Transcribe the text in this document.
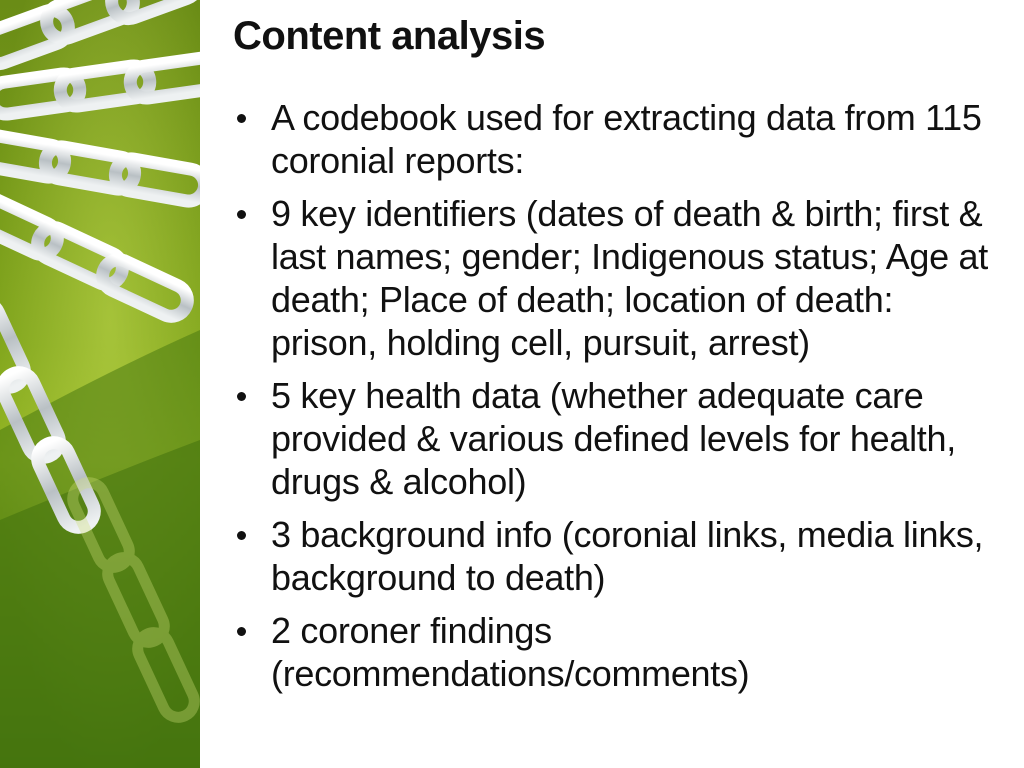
Content analysis
A codebook used for extracting data from 115 coronial reports:
9 key identifiers (dates of death & birth; first & last names; gender; Indigenous status; Age at death; Place of death; location of death: prison, holding cell, pursuit, arrest)
5 key health data (whether adequate care provided & various defined levels for health, drugs & alcohol)
3 background info (coronial links, media links, background to death)
2 coroner findings (recommendations/comments)
